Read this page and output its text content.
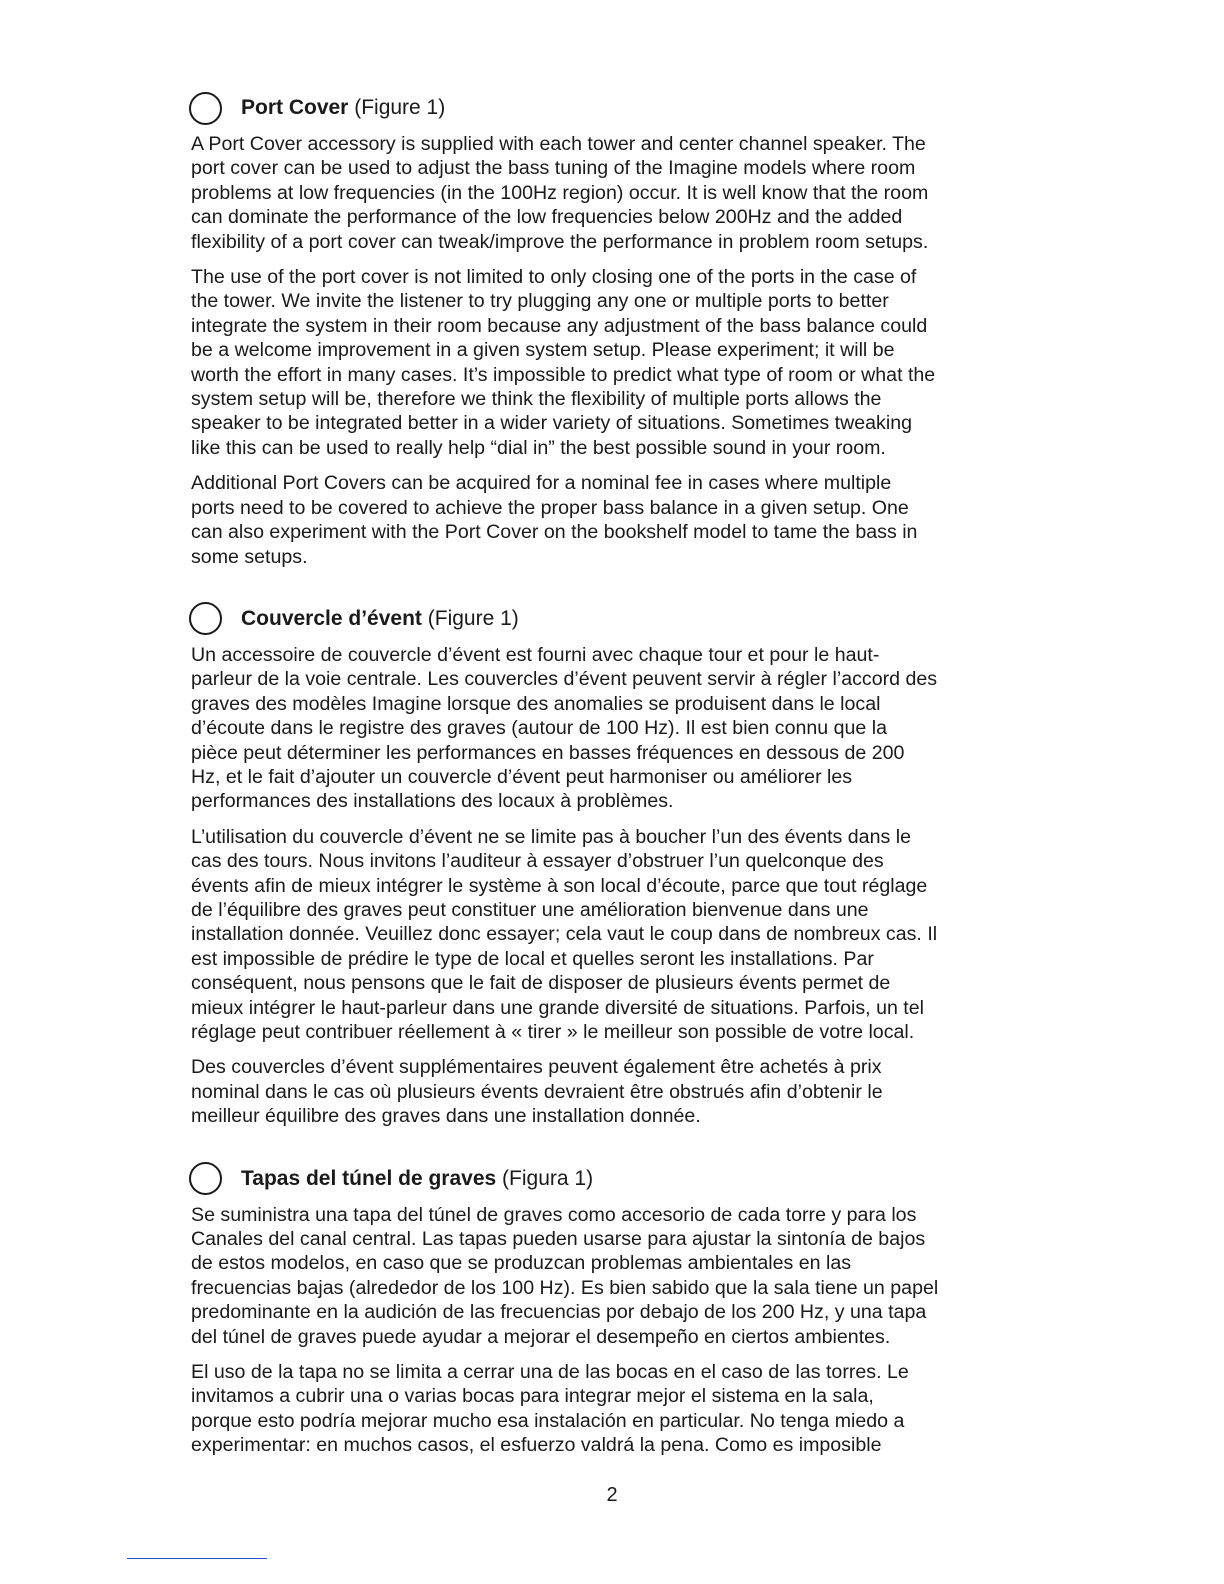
Port Cover (Figure 1)

A Port Cover accessory is supplied with each tower and center channel speaker. The
port cover can be used to adjust the bass tuning of the Imagine models where room
problems at low frequencies (in the 100Hz region) occur. It is well know that the room
can dominate the performance of the low frequencies below 200Hz and the added
flexibility of a port cover can tweak/improve the performance in problem room setups.

The use of the port cover is not limited to only closing one of the ports in the case of
the tower. We invite the listener to try plugging any one or multiple ports to better
integrate the system in their room because any adjustment of the bass balance could
be a welcome improvement in a given system setup. Please experiment; it will be
worth the effort in many cases. It’s impossible to predict what type of room or what the
system setup will be, therefore we think the flexibility of multiple ports allows the
speaker to be integrated better in a wider variety of situations. Sometimes tweaking
like this can be used to really help “dial in” the best possible sound in your room.

Additional Port Covers can be acquired for a nominal fee in cases where multiple
ports need to be covered to achieve the proper bass balance in a given setup. One
can also experiment with the Port Cover on the bookshelf model to tame the bass in
some setups.

Couvercle d’évent (Figure 1)

Un accessoire de couvercle d’évent est fourni avec chaque tour et pour le haut-
parleur de la voie centrale. Les couvercles d’évent peuvent servir à régler l’accord des
graves des modèles Imagine lorsque des anomalies se produisent dans le local
d’écoute dans le registre des graves (autour de 100 Hz). Il est bien connu que la
pièce peut déterminer les performances en basses fréquences en dessous de 200
Hz, et le fait d’ajouter un couvercle d’évent peut harmoniser ou améliorer les
performances des installations des locaux à problèmes.

L’utilisation du couvercle d’évent ne se limite pas à boucher l’un des évents dans le
cas des tours. Nous invitons l’auditeur à essayer d’obstruer l’un quelconque des
évents afin de mieux intégrer le système à son local d’écoute, parce que tout réglage
de l’équilibre des graves peut constituer une amélioration bienvenue dans une
installation donnée. Veuillez donc essayer; cela vaut le coup dans de nombreux cas. Il
est impossible de prédire le type de local et quelles seront les installations. Par
conséquent, nous pensons que le fait de disposer de plusieurs évents permet de
mieux intégrer le haut-parleur dans une grande diversité de situations. Parfois, un tel
réglage peut contribuer réellement à « tirer » le meilleur son possible de votre local.

Des couvercles d’évent supplémentaires peuvent également être achetés à prix
nominal dans le cas où plusieurs évents devraient être obstrués afin d’obtenir le
meilleur équilibre des graves dans une installation donnée.

Tapas del túnel de graves (Figura 1)

Se suministra una tapa del túnel de graves como accesorio de cada torre y para los
Canales del canal central. Las tapas pueden usarse para ajustar la sintonía de bajos
de estos modelos, en caso que se produzcan problemas ambientales en las
frecuencias bajas (alrededor de los 100 Hz). Es bien sabido que la sala tiene un papel
predominante en la audición de las frecuencias por debajo de los 200 Hz, y una tapa
del túnel de graves puede ayudar a mejorar el desempeño en ciertos ambientes.

El uso de la tapa no se limita a cerrar una de las bocas en el caso de las torres. Le
invitamos a cubrir una o varias bocas para integrar mejor el sistema en la sala,
porque esto podría mejorar mucho esa instalación en particular. No tenga miedo a
experimentar: en muchos casos, el esfuerzo valdrá la pena. Como es imposible

2
